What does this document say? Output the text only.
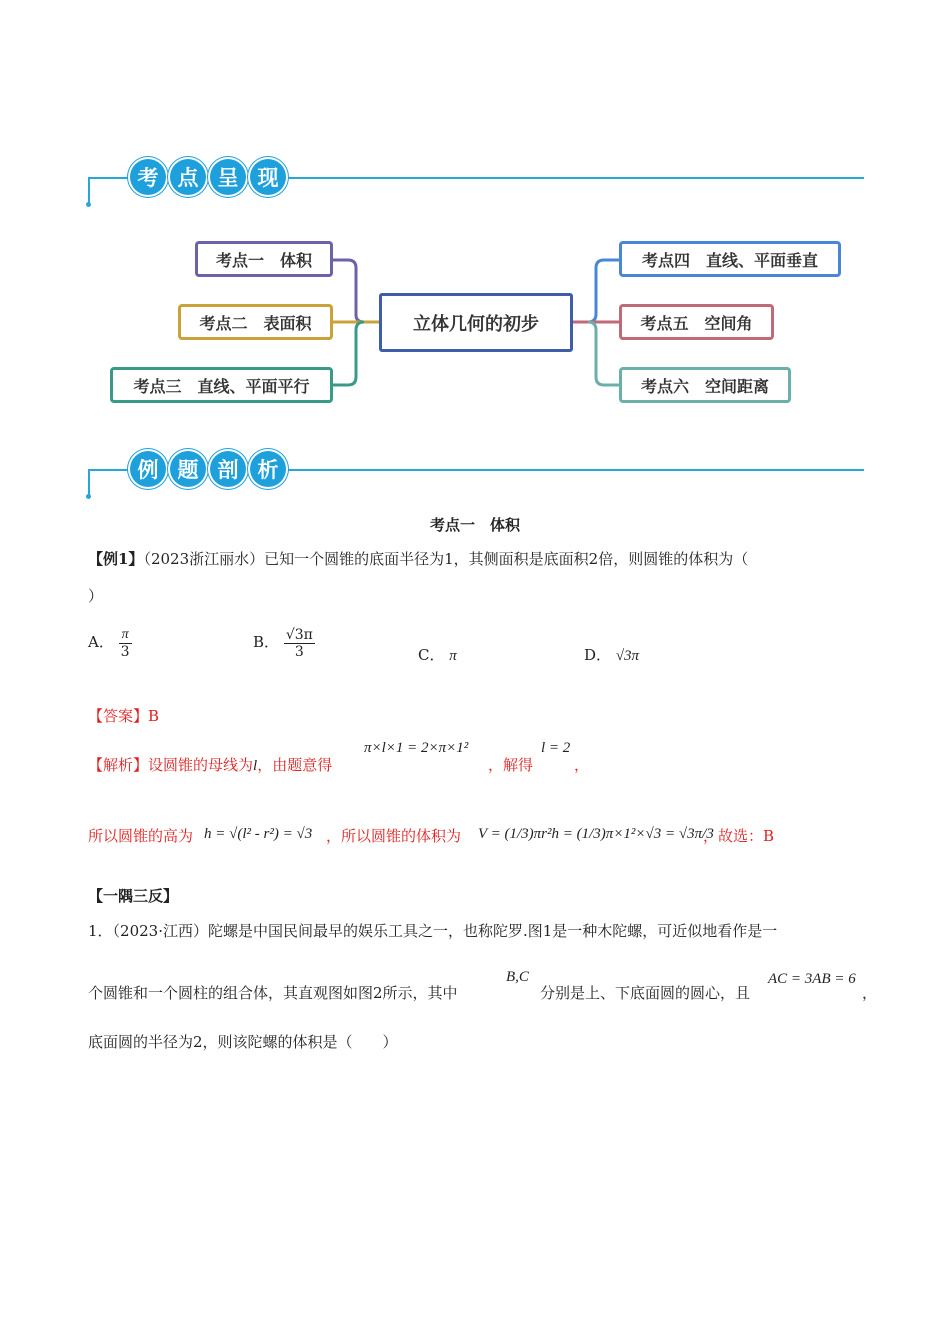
考 点 呈 现
考点一　体积
考点二　表面积
考点三　直线、平面平行
立体几何的初步
考点四　直线、平面垂直
考点五　空间角
考点六　空间距离
例 题 剖 析
考点一　体积
【例1】（2023浙江丽水）已知一个圆锥的底面半径为1，其侧面积是底面积2倍，则圆锥的体积为（
）
A． $\frac{\pi}{3}$	B． $\frac{√3\pi}{3}$	C． π	D． √3π
【答案】B
【解析】设圆锥的母线为l，由题意得
π×l×1 = 2×π×1²
，解得
l = 2
，
所以圆锥的高为 h = √(l² - r²) = √3 ，所以圆锥的体积为 V = (1/3)πr²h = (1/3)π×1²×√3 = √3π/3
，故选：B
【一隅三反】
1．（2023·江西）陀螺是中国民间最早的娱乐工具之一，也称陀罗.图1是一种木陀螺，可近似地看作是一
个圆锥和一个圆柱的组合体，其直观图如图2所示，其中
B,C
分别是上、下底面圆的圆心，且
AC = 3AB = 6
，
底面圆的半径为2，则该陀螺的体积是（　　）
